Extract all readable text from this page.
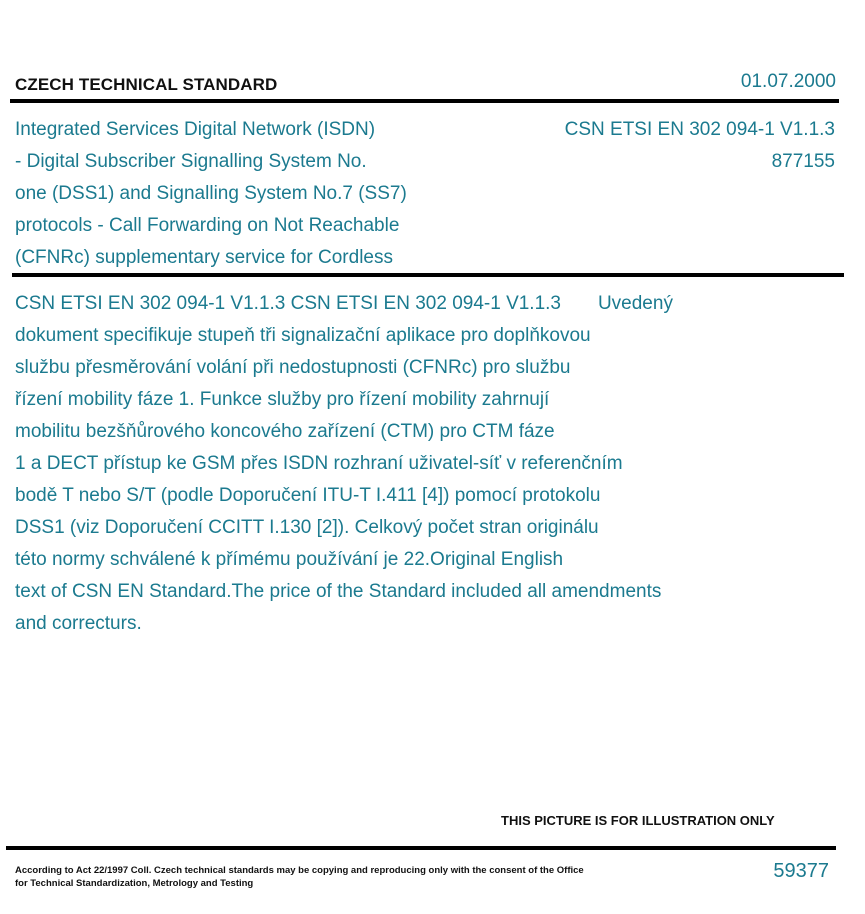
CZECH TECHNICAL STANDARD	01.07.2000
Integrated Services Digital Network (ISDN)
- Digital Subscriber Signalling System No.
one (DSS1) and Signalling System No.7 (SS7)
protocols - Call Forwarding on Not Reachable
(CFNRc) supplementary service for Cordless
CSN ETSI EN 302 094-1 V1.1.3
877155
CSN ETSI EN 302 094-1 V1.1.3 CSN ETSI EN 302 094-1 V1.1.3       Uvedený
dokument specifikuje stupeň tři signalizační aplikace pro doplňkovou
službu přesměrování volání při nedostupnosti (CFNRc) pro službu
řízení mobility fáze 1. Funkce služby pro řízení mobility zahrnují
mobilitu bezšňůrového koncového zařízení (CTM) pro CTM fáze
1 a DECT přístup ke GSM přes ISDN rozhraní uživatel-síť v referenčním
bodě T nebo S/T (podle Doporučení ITU-T I.411 [4]) pomocí protokolu
DSS1 (viz Doporučení CCITT I.130 [2]). Celkový počet stran originálu
této normy schválené k přímému používání je 22.Original English
text of CSN EN Standard.The price of the Standard included all amendments
and correcturs.
THIS PICTURE IS FOR ILLUSTRATION ONLY
According to Act 22/1997 Coll. Czech technical standards may be copying and reproducing only with the consent of the Office
for Technical Standardization, Metrology and Testing
59377
